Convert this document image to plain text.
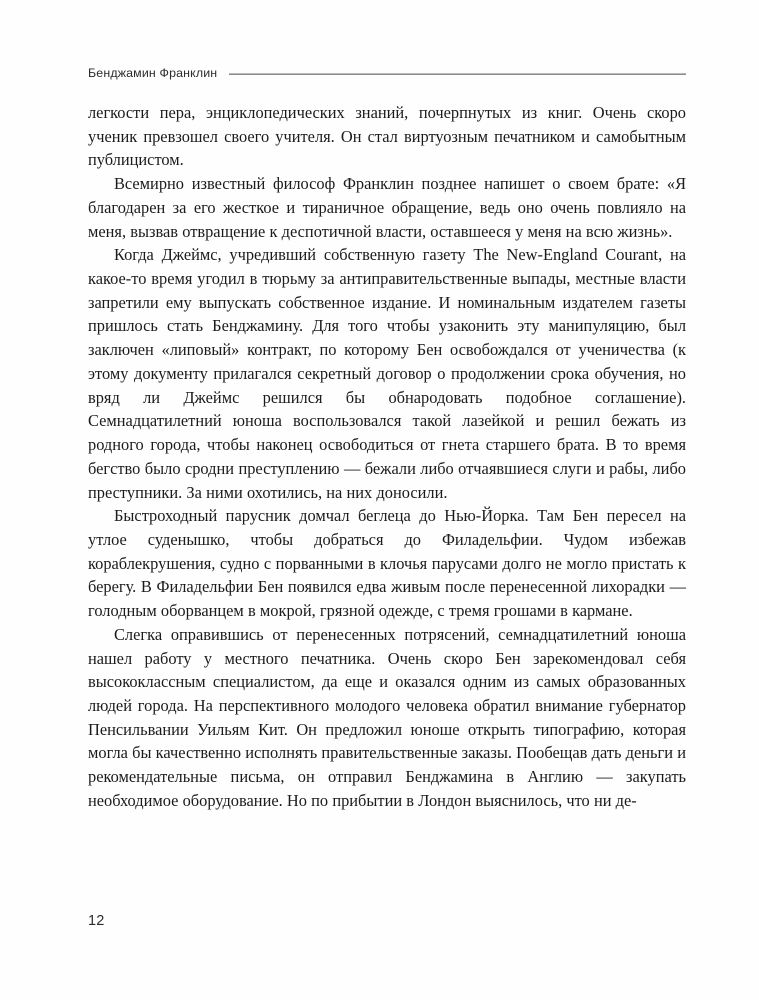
Бенджамин Франклин

легкости пера, энциклопедических знаний, почерпнутых из книг. Очень скоро ученик превзошел своего учителя. Он стал виртуозным печатником и самобытным публицистом.

Всемирно известный философ Франклин позднее напишет о своем брате: «Я благодарен за его жесткое и тираничное обращение, ведь оно очень повлияло на меня, вызвав отвращение к деспотичной власти, оставшееся у меня на всю жизнь».

Когда Джеймс, учредивший собственную газету The New-England Courant, на какое-то время угодил в тюрьму за антиправительственные выпады, местные власти запретили ему выпускать собственное издание. И номинальным издателем газеты пришлось стать Бенджамину. Для того чтобы узаконить эту манипуляцию, был заключен «липовый» контракт, по которому Бен освобождался от ученичества (к этому документу прилагался секретный договор о продолжении срока обучения, но вряд ли Джеймс решился бы обнародовать подобное соглашение). Семнадцатилетний юноша воспользовался такой лазейкой и решил бежать из родного города, чтобы наконец освободиться от гнета старшего брата. В то время бегство было сродни преступлению — бежали либо отчаявшиеся слуги и рабы, либо преступники. За ними охотились, на них доносили.

Быстроходный парусник домчал беглеца до Нью-Йорка. Там Бен пересел на утлое суденышко, чтобы добраться до Филадельфии. Чудом избежав кораблекрушения, судно с порванными в клочья парусами долго не могло пристать к берегу. В Филадельфии Бен появился едва живым после перенесенной лихорадки — голодным оборванцем в мокрой, грязной одежде, с тремя грошами в кармане.

Слегка оправившись от перенесенных потрясений, семнадцатилетний юноша нашел работу у местного печатника. Очень скоро Бен зарекомендовал себя высококлассным специалистом, да еще и оказался одним из самых образованных людей города. На перспективного молодого человека обратил внимание губернатор Пенсильвании Уильям Кит. Он предложил юноше открыть типографию, которая могла бы качественно исполнять правительственные заказы. Пообещав дать деньги и рекомендательные письма, он отправил Бенджамина в Англию — закупать необходимое оборудование. Но по прибытии в Лондон выяснилось, что ни де-

12
